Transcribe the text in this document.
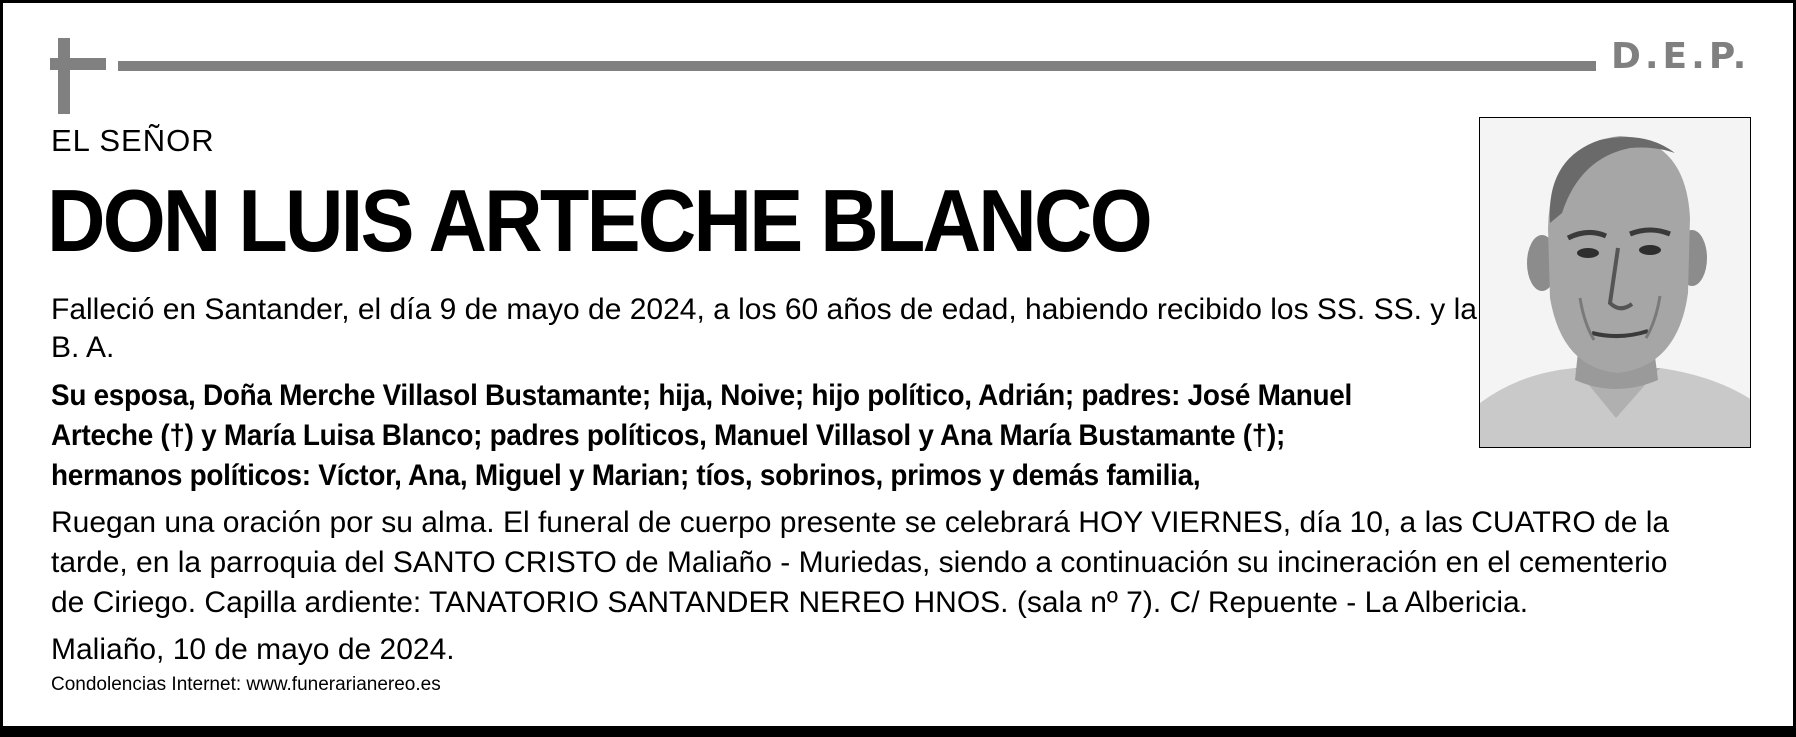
D.E.P.
EL SEÑOR
DON LUIS ARTECHE BLANCO
Falleció en Santander, el día 9 de mayo de 2024, a los 60 años de edad, habiendo recibido los SS. SS. y la B. A.
Su esposa, Doña Merche Villasol Bustamante; hija, Noive; hijo político, Adrián; padres: José Manuel
Arteche (†) y María Luisa Blanco; padres políticos, Manuel Villasol y Ana María Bustamante (†);
hermanos políticos: Víctor, Ana, Miguel y Marian; tíos, sobrinos, primos y demás familia,
Ruegan una oración por su alma. El funeral de cuerpo presente se celebrará HOY VIERNES, día 10, a las CUATRO de la
tarde, en la parroquia del SANTO CRISTO de Maliaño - Muriedas, siendo a continuación su incineración en el cementerio
de Ciriego. Capilla ardiente: TANATORIO SANTANDER NEREO HNOS. (sala nº 7). C/ Repuente - La Albericia.
Maliaño, 10 de mayo de 2024.
Condolencias Internet: www.funerarianereo.es
